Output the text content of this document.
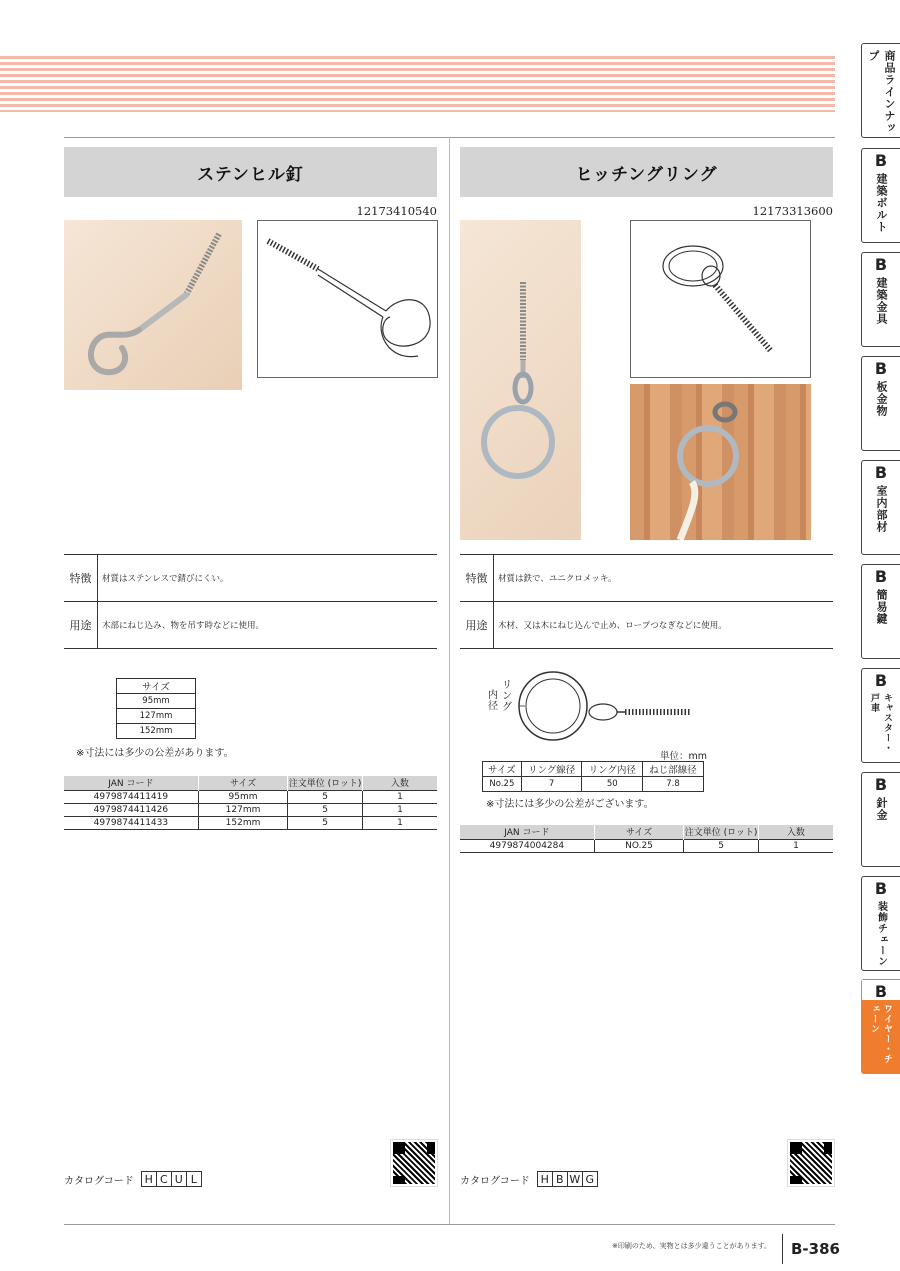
ステンヒル釘
12173410540
特徴	材質はステンレスで錆びにくい。
用途	木部にねじ込み、物を吊す時などに使用。
サイズ
95mm
127mm
152mm
※寸法には多少の公差があります。
JAN コード	サイズ	注文単位 (ロット)	入数
4979874411419	95mm	5	1
4979874411426	127mm	5	1
4979874411433	152mm	5	1
カタログコード H C U L
ヒッチングリング
12173313600
特徴	材質は鉄で、ユニクロメッキ。
用途	木材、又は木にねじ込んで止め、ロープつなぎなどに使用。
内
径
リ
ン
グ
単位：mm
サイズ	リング線径	リング内径	ねじ部線径
No.25	7	50	7.8
※寸法には多少の公差がございます。
JAN コード	サイズ	注文単位 (ロット)	入数
4979874004284	NO.25	5	1
カタログコード H B W G
※印刷のため、実物とは多少違うことがあります。	B-386
商品ラインナップ
B
建築ボルト
B
建築金具
B
板金物
B
室内部材
B
簡易鍵
B
キャスター・戸車
B
針金
B
装飾チェーン
B
ワイヤー・チェーン
